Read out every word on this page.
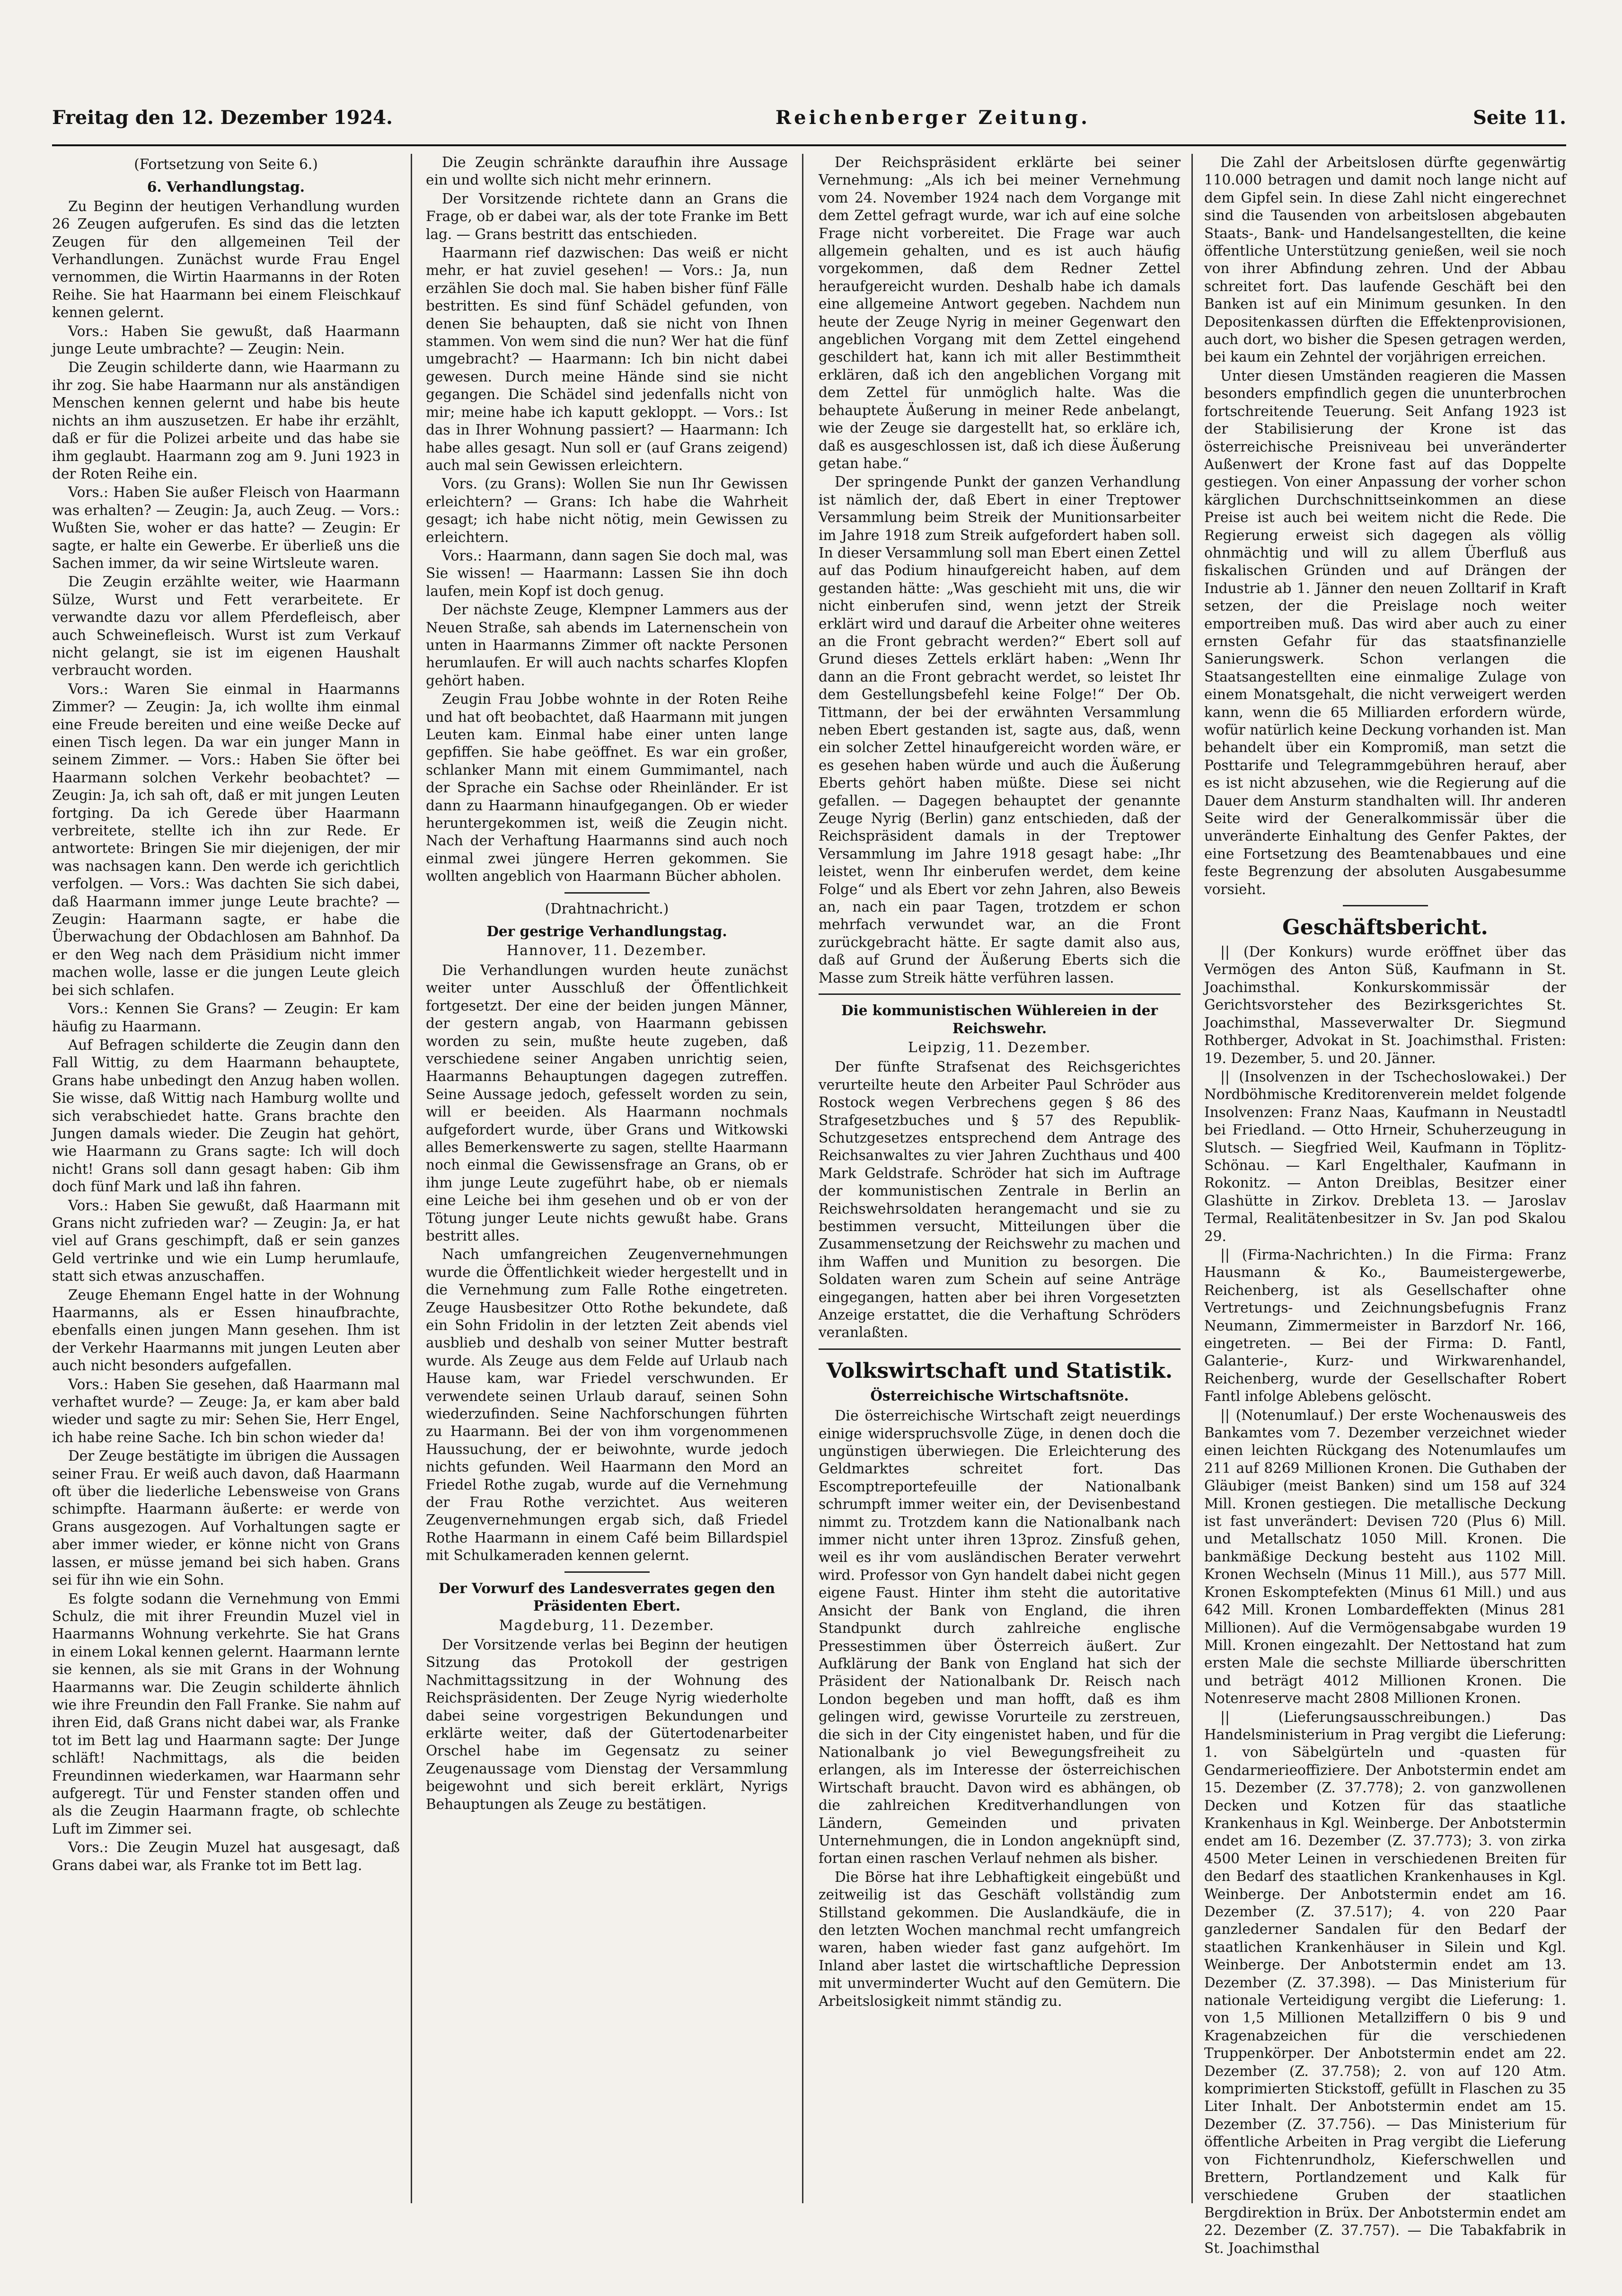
Freitag den 12. Dezember 1924.	Reichenberger Zeitung.	Seite 11.

(Fortsetzung von Seite 6.)

6. Verhandlungstag.

Zu Beginn der heutigen Verhandlung wurden 26 Zeugen aufgerufen. Es sind das die letzten Zeugen für den allgemeinen Teil der Verhandlungen. Zunächst wurde Frau Engel vernommen, die Wirtin Haarmanns in der Roten Reihe. Sie hat Haarmann bei einem Fleischkauf kennen gelernt.

Vors.: Haben Sie gewußt, daß Haarmann junge Leute umbrachte? — Zeugin: Nein.

Die Zeugin schilderte dann, wie Haarmann zu ihr zog. Sie habe Haarmann nur als anständigen Menschen kennen gelernt und habe bis heute nichts an ihm auszusetzen. Er habe ihr erzählt, daß er für die Polizei arbeite und das habe sie ihm geglaubt. Haarmann zog am 9. Juni 1923 in der Roten Reihe ein.

Vors.: Haben Sie außer Fleisch von Haarmann was erhalten? — Zeugin: Ja, auch Zeug. — Vors.: Wußten Sie, woher er das hatte? — Zeugin: Er sagte, er halte ein Gewerbe. Er überließ uns die Sachen immer, da wir seine Wirtsleute waren.

Die Zeugin erzählte weiter, wie Haarmann Sülze, Wurst und Fett verarbeitete. Er verwandte dazu vor allem Pferdefleisch, aber auch Schweinefleisch. Wurst ist zum Verkauf nicht gelangt, sie ist im eigenen Haushalt verbraucht worden.

Vors.: Waren Sie einmal in Haarmanns Zimmer? — Zeugin: Ja, ich wollte ihm einmal eine Freude bereiten und eine weiße Decke auf einen Tisch legen. Da war ein junger Mann in seinem Zimmer. — Vors.: Haben Sie öfter bei Haarmann solchen Verkehr beobachtet? — Zeugin: Ja, ich sah oft, daß er mit jungen Leuten fortging. Da ich Gerede über Haarmann verbreitete, stellte ich ihn zur Rede. Er antwortete: Bringen Sie mir diejenigen, der mir was nachsagen kann. Den werde ich gerichtlich verfolgen. — Vors.: Was dachten Sie sich dabei, daß Haarmann immer junge Leute brachte? — Zeugin: Haarmann sagte, er habe die Überwachung der Obdachlosen am Bahnhof. Da er den Weg nach dem Präsidium nicht immer machen wolle, lasse er die jungen Leute gleich bei sich schlafen.

Vors.: Kennen Sie Grans? — Zeugin: Er kam häufig zu Haarmann.

Auf Befragen schilderte die Zeugin dann den Fall Wittig, zu dem Haarmann behauptete, Grans habe unbedingt den Anzug haben wollen. Sie wisse, daß Wittig nach Hamburg wollte und sich verabschiedet hatte. Grans brachte den Jungen damals wieder. Die Zeugin hat gehört, wie Haarmann zu Grans sagte: Ich will doch nicht! Grans soll dann gesagt haben: Gib ihm doch fünf Mark und laß ihn fahren.

Vors.: Haben Sie gewußt, daß Haarmann mit Grans nicht zufrieden war? — Zeugin: Ja, er hat viel auf Grans geschimpft, daß er sein ganzes Geld vertrinke und wie ein Lump herumlaufe, statt sich etwas anzuschaffen.

Zeuge Ehemann Engel hatte in der Wohnung Haarmanns, als er Essen hinaufbrachte, ebenfalls einen jungen Mann gesehen. Ihm ist der Verkehr Haarmanns mit jungen Leuten aber auch nicht besonders aufgefallen.

Vors.: Haben Sie gesehen, daß Haarmann mal verhaftet wurde? — Zeuge: Ja, er kam aber bald wieder und sagte zu mir: Sehen Sie, Herr Engel, ich habe reine Sache. Ich bin schon wieder da!

Der Zeuge bestätigte im übrigen die Aussagen seiner Frau. Er weiß auch davon, daß Haarmann oft über die liederliche Lebensweise von Grans schimpfte. Haarmann äußerte: er werde von Grans ausgezogen. Auf Vorhaltungen sagte er aber immer wieder, er könne nicht von Grans lassen, er müsse jemand bei sich haben. Grans sei für ihn wie ein Sohn.

Es folgte sodann die Vernehmung von Emmi Schulz, die mit ihrer Freundin Muzel viel in Haarmanns Wohnung verkehrte. Sie hat Grans in einem Lokal kennen gelernt. Haarmann lernte sie kennen, als sie mit Grans in der Wohnung Haarmanns war. Die Zeugin schilderte ähnlich wie ihre Freundin den Fall Franke. Sie nahm auf ihren Eid, daß Grans nicht dabei war, als Franke tot im Bett lag und Haarmann sagte: Der Junge schläft! Nachmittags, als die beiden Freundinnen wiederkamen, war Haarmann sehr aufgeregt. Tür und Fenster standen offen und als die Zeugin Haarmann fragte, ob schlechte Luft im Zimmer sei.

Vors.: Die Zeugin Muzel hat ausgesagt, daß Grans dabei war, als Franke tot im Bett lag.

Die Zeugin schränkte daraufhin ihre Aussage ein und wollte sich nicht mehr erinnern.

Der Vorsitzende richtete dann an Grans die Frage, ob er dabei war, als der tote Franke im Bett lag. — Grans bestritt das entschieden.

Haarmann rief dazwischen: Das weiß er nicht mehr, er hat zuviel gesehen! — Vors.: Ja, nun erzählen Sie doch mal. Sie haben bisher fünf Fälle bestritten. Es sind fünf Schädel gefunden, von denen Sie behaupten, daß sie nicht von Ihnen stammen. Von wem sind die nun? Wer hat die fünf umgebracht? — Haarmann: Ich bin nicht dabei gewesen. Durch meine Hände sind sie nicht gegangen. Die Schädel sind jedenfalls nicht von mir; meine habe ich kaputt gekloppt. — Vors.: Ist das in Ihrer Wohnung passiert? — Haarmann: Ich habe alles gesagt. Nun soll er (auf Grans zeigend) auch mal sein Gewissen erleichtern.

Vors. (zu Grans): Wollen Sie nun Ihr Gewissen erleichtern? — Grans: Ich habe die Wahrheit gesagt; ich habe nicht nötig, mein Gewissen zu erleichtern.

Vors.: Haarmann, dann sagen Sie doch mal, was Sie wissen! — Haarmann: Lassen Sie ihn doch laufen, mein Kopf ist doch genug.

Der nächste Zeuge, Klempner Lammers aus der Neuen Straße, sah abends im Laternenschein von unten in Haarmanns Zimmer oft nackte Personen herumlaufen. Er will auch nachts scharfes Klopfen gehört haben.

Zeugin Frau Jobbe wohnte in der Roten Reihe und hat oft beobachtet, daß Haarmann mit jungen Leuten kam. Einmal habe einer unten lange gepfiffen. Sie habe geöffnet. Es war ein großer, schlanker Mann mit einem Gummimantel, nach der Sprache ein Sachse oder Rheinländer. Er ist dann zu Haarmann hinaufgegangen. Ob er wieder heruntergekommen ist, weiß die Zeugin nicht. Nach der Verhaftung Haarmanns sind auch noch einmal zwei jüngere Herren gekommen. Sie wollten angeblich von Haarmann Bücher abholen.

(Drahtnachricht.)

Der gestrige Verhandlungstag.

Hannover, 11. Dezember.

Die Verhandlungen wurden heute zunächst weiter unter Ausschluß der Öffentlichkeit fortgesetzt. Der eine der beiden jungen Männer, der gestern angab, von Haarmann gebissen worden zu sein, mußte heute zugeben, daß verschiedene seiner Angaben unrichtig seien, Haarmanns Behauptungen dagegen zutreffen. Seine Aussage jedoch, gefesselt worden zu sein, will er beeiden. Als Haarmann nochmals aufgefordert wurde, über Grans und Witkowski alles Bemerkenswerte zu sagen, stellte Haarmann noch einmal die Gewissensfrage an Grans, ob er ihm junge Leute zugeführt habe, ob er niemals eine Leiche bei ihm gesehen und ob er von der Tötung junger Leute nichts gewußt habe. Grans bestritt alles.

Nach umfangreichen Zeugenvernehmungen wurde die Öffentlichkeit wieder hergestellt und in die Vernehmung zum Falle Rothe eingetreten. Zeuge Hausbesitzer Otto Rothe bekundete, daß ein Sohn Fridolin in der letzten Zeit abends viel ausblieb und deshalb von seiner Mutter bestraft wurde. Als Zeuge aus dem Felde auf Urlaub nach Hause kam, war Friedel verschwunden. Er verwendete seinen Urlaub darauf, seinen Sohn wiederzufinden. Seine Nachforschungen führten zu Haarmann. Bei der von ihm vorgenommenen Haussuchung, der er beiwohnte, wurde jedoch nichts gefunden. Weil Haarmann den Mord an Friedel Rothe zugab, wurde auf die Vernehmung der Frau Rothe verzichtet. Aus weiteren Zeugenvernehmungen ergab sich, daß Friedel Rothe Haarmann in einem Café beim Billardspiel mit Schulkameraden kennen gelernt.

Der Vorwurf des Landesverrates gegen den Präsidenten Ebert.

Magdeburg, 11. Dezember.

Der Vorsitzende verlas bei Beginn der heutigen Sitzung das Protokoll der gestrigen Nachmittagssitzung in der Wohnung des Reichspräsidenten. Der Zeuge Nyrig wiederholte dabei seine vorgestrigen Bekundungen und erklärte weiter, daß der Gütertodenarbeiter Orschel habe im Gegensatz zu seiner Zeugenaussage vom Dienstag der Versammlung beigewohnt und sich bereit erklärt, Nyrigs Behauptungen als Zeuge zu bestätigen.

Der Reichspräsident erklärte bei seiner Vernehmung: „Als ich bei meiner Vernehmung vom 24. November 1924 nach dem Vorgange mit dem Zettel gefragt wurde, war ich auf eine solche Frage nicht vorbereitet. Die Frage war auch allgemein gehalten, und es ist auch häufig vorgekommen, daß dem Redner Zettel heraufgereicht wurden. Deshalb habe ich damals eine allgemeine Antwort gegeben. Nachdem nun heute der Zeuge Nyrig in meiner Gegenwart den angeblichen Vorgang mit dem Zettel eingehend geschildert hat, kann ich mit aller Bestimmtheit erklären, daß ich den angeblichen Vorgang mit dem Zettel für unmöglich halte. Was die behauptete Äußerung in meiner Rede anbelangt, wie der Zeuge sie dargestellt hat, so erkläre ich, daß es ausgeschlossen ist, daß ich diese Äußerung getan habe.“

Der springende Punkt der ganzen Verhandlung ist nämlich der, daß Ebert in einer Treptower Versammlung beim Streik der Munitionsarbeiter im Jahre 1918 zum Streik aufgefordert haben soll. In dieser Versammlung soll man Ebert einen Zettel auf das Podium hinaufgereicht haben, auf dem gestanden hätte: „Was geschieht mit uns, die wir nicht einberufen sind, wenn jetzt der Streik erklärt wird und darauf die Arbeiter ohne weiteres an die Front gebracht werden?“ Ebert soll auf Grund dieses Zettels erklärt haben: „Wenn Ihr dann an die Front gebracht werdet, so leistet Ihr dem Gestellungsbefehl keine Folge!“ Der Ob. Tittmann, der bei der erwähnten Versammlung neben Ebert gestanden ist, sagte aus, daß, wenn ein solcher Zettel hinaufgereicht worden wäre, er es gesehen haben würde und auch die Äußerung Eberts gehört haben müßte. Diese sei nicht gefallen. — Dagegen behauptet der genannte Zeuge Nyrig (Berlin) ganz entschieden, daß der Reichspräsident damals in der Treptower Versammlung im Jahre 1918 gesagt habe: „Ihr leistet, wenn Ihr einberufen werdet, dem keine Folge“ und als Ebert vor zehn Jahren, also Beweis an, nach ein paar Tagen, trotzdem er schon mehrfach verwundet war, an die Front zurückgebracht hätte. Er sagte damit also aus, daß auf Grund der Äußerung Eberts sich die Masse zum Streik hätte verführen lassen.

Die kommunistischen Wühlereien in der Reichswehr.

Leipzig, 11. Dezember.

Der fünfte Strafsenat des Reichsgerichtes verurteilte heute den Arbeiter Paul Schröder aus Rostock wegen Verbrechens gegen § 86 des Strafgesetzbuches und § 57 des Republik-Schutzgesetzes entsprechend dem Antrage des Reichsanwaltes zu vier Jahren Zuchthaus und 400 Mark Geldstrafe. Schröder hat sich im Auftrage der kommunistischen Zentrale in Berlin an Reichswehrsoldaten herangemacht und sie zu bestimmen versucht, Mitteilungen über die Zusammensetzung der Reichswehr zu machen und ihm Waffen und Munition zu besorgen. Die Soldaten waren zum Schein auf seine Anträge eingegangen, hatten aber bei ihren Vorgesetzten Anzeige erstattet, die die Verhaftung Schröders veranlaßten.

Volkswirtschaft und Statistik.

Österreichische Wirtschaftsnöte.

Die österreichische Wirtschaft zeigt neuerdings einige widerspruchsvolle Züge, in denen doch die ungünstigen überwiegen. Die Erleichterung des Geldmarktes schreitet fort. Das Escomptreportefeuille der Nationalbank schrumpft immer weiter ein, der Devisenbestand nimmt zu. Trotzdem kann die Nationalbank nach immer nicht unter ihren 13proz. Zinsfuß gehen, weil es ihr vom ausländischen Berater verwehrt wird. Professor von Gyn handelt dabei nicht gegen eigene Faust. Hinter ihm steht die autoritative Ansicht der Bank von England, die ihren Standpunkt durch zahlreiche englische Pressestimmen über Österreich äußert. Zur Aufklärung der Bank von England hat sich der Präsident der Nationalbank Dr. Reisch nach London begeben und man hofft, daß es ihm gelingen wird, gewisse Vorurteile zu zerstreuen, die sich in der City eingenistet haben, und für die Nationalbank jo viel Bewegungsfreiheit zu erlangen, als im Interesse der österreichischen Wirtschaft braucht. Davon wird es abhängen, ob die zahlreichen Kreditverhandlungen von Ländern, Gemeinden und privaten Unternehmungen, die in London angeknüpft sind, fortan einen raschen Verlauf nehmen als bisher.

Die Börse hat ihre Lebhaftigkeit eingebüßt und zeitweilig ist das Geschäft vollständig zum Stillstand gekommen. Die Auslandkäufe, die in den letzten Wochen manchmal recht umfangreich waren, haben wieder fast ganz aufgehört. Im Inland aber lastet die wirtschaftliche Depression mit unverminderter Wucht auf den Gemütern. Die Arbeitslosigkeit nimmt ständig zu.

Die Zahl der Arbeitslosen dürfte gegenwärtig 110.000 betragen und damit noch lange nicht auf dem Gipfel sein. In diese Zahl nicht eingerechnet sind die Tausenden von arbeitslosen abgebauten Staats-, Bank- und Handelsangestellten, die keine öffentliche Unterstützung genießen, weil sie noch von ihrer Abfindung zehren. Und der Abbau schreitet fort. Das laufende Geschäft bei den Banken ist auf ein Minimum gesunken. In den Depositenkassen dürften die Effektenprovisionen, auch dort, wo bisher die Spesen getragen werden, bei kaum ein Zehntel der vorjährigen erreichen.

Unter diesen Umständen reagieren die Massen besonders empfindlich gegen die ununterbrochen fortschreitende Teuerung. Seit Anfang 1923 ist der Stabilisierung der Krone ist das österreichische Preisniveau bei unveränderter Außenwert der Krone fast auf das Doppelte gestiegen. Von einer Anpassung der vorher schon kärglichen Durchschnittseinkommen an diese Preise ist auch bei weitem nicht die Rede. Die Regierung erweist sich dagegen als völlig ohnmächtig und will zu allem Überfluß aus fiskalischen Gründen und auf Drängen der Industrie ab 1. Jänner den neuen Zolltarif in Kraft setzen, der die Preislage noch weiter emportreiben muß. Das wird aber auch zu einer ernsten Gefahr für das staatsfinanzielle Sanierungswerk. Schon verlangen die Staatsangestellten eine einmalige Zulage von einem Monatsgehalt, die nicht verweigert werden kann, wenn die 65 Milliarden erfordern würde, wofür natürlich keine Deckung vorhanden ist. Man behandelt über ein Kompromiß, man setzt die Posttarife und Telegrammgebühren herauf, aber es ist nicht abzusehen, wie die Regierung auf die Dauer dem Ansturm standhalten will. Ihr anderen Seite wird der Generalkommissär über die unveränderte Einhaltung des Genfer Paktes, der eine Fortsetzung des Beamtenabbaues und eine feste Begrenzung der absoluten Ausgabesumme vorsieht.

Geschäftsbericht.

|| (Der Konkurs) wurde eröffnet über das Vermögen des Anton Süß, Kaufmann in St. Joachimsthal. Konkurskommissär der Gerichtsvorsteher des Bezirksgerichtes St. Joachimsthal, Masseverwalter Dr. Siegmund Rothberger, Advokat in St. Joachimsthal. Fristen: 19. Dezember, 5. und 20. Jänner.

|| (Insolvenzen in der Tschechoslowakei.) Der Nordböhmische Kreditorenverein meldet folgende Insolvenzen: Franz Naas, Kaufmann in Neustadtl bei Friedland. — Otto Hrneir, Schuherzeugung in Slutsch. — Siegfried Weil, Kaufmann in Töplitz-Schönau. — Karl Engelthaler, Kaufmann in Rokonitz. — Anton Dreiblas, Besitzer einer Glashütte in Zirkov. Drebleta 13. — Jaroslav Termal, Realitätenbesitzer in Sv. Jan pod Skalou 29.

|| (Firma-Nachrichten.) In die Firma: Franz Hausmann & Ko., Baumeistergewerbe, Reichenberg, ist als Gesellschafter ohne Vertretungs- und Zeichnungsbefugnis Franz Neumann, Zimmermeister in Barzdorf Nr. 166, eingetreten. — Bei der Firma: D. Fantl, Galanterie-, Kurz- und Wirkwarenhandel, Reichenberg, wurde der Gesellschafter Robert Fantl infolge Ablebens gelöscht.

|| (Notenumlauf.) Der erste Wochenausweis des Bankamtes vom 7. Dezember verzeichnet wieder einen leichten Rückgang des Notenumlaufes um 211 auf 8269 Millionen Kronen. Die Guthaben der Gläubiger (meist Banken) sind um 158 auf 324 Mill. Kronen gestiegen. Die metallische Deckung ist fast unverändert: Devisen 720 (Plus 6) Mill. und Metallschatz 1050 Mill. Kronen. Die bankmäßige Deckung besteht aus 1102 Mill. Kronen Wechseln (Minus 11 Mill.), aus 577 Mill. Kronen Eskomptefekten (Minus 61 Mill.) und aus 642 Mill. Kronen Lombardeffekten (Minus 281 Millionen). Auf die Vermögensabgabe wurden 19 Mill. Kronen eingezahlt. Der Nettostand hat zum ersten Male die sechste Milliarde überschritten und beträgt 4012 Millionen Kronen. Die Notenreserve macht 2808 Millionen Kronen.

|| (Lieferungsausschreibungen.) Das Handelsministerium in Prag vergibt die Lieferung: 1. von Säbelgürteln und -quasten für Gendarmerieoffiziere. Der Anbotstermin endet am 15. Dezember (Z. 37.778); 2. von ganzwollenen Decken und Kotzen für das staatliche Krankenhaus in Kgl. Weinberge. Der Anbotstermin endet am 16. Dezember (Z. 37.773); 3. von zirka 4500 Meter Leinen in verschiedenen Breiten für den Bedarf des staatlichen Krankenhauses in Kgl. Weinberge. Der Anbotstermin endet am 16. Dezember (Z. 37.517); 4. von 220 Paar ganzlederner Sandalen für den Bedarf der staatlichen Krankenhäuser in Silein und Kgl. Weinberge. Der Anbotstermin endet am 13. Dezember (Z. 37.398). — Das Ministerium für nationale Verteidigung vergibt die Lieferung: 1. von 1,5 Millionen Metallziffern 0 bis 9 und Kragenabzeichen für die verschiedenen Truppenkörper. Der Anbotstermin endet am 22. Dezember (Z. 37.758); 2. von auf 120 Atm. komprimierten Stickstoff, gefüllt in Flaschen zu 35 Liter Inhalt. Der Anbotstermin endet am 15. Dezember (Z. 37.756). — Das Ministerium für öffentliche Arbeiten in Prag vergibt die Lieferung von Fichtenrundholz, Kieferschwellen und Brettern, Portlandzement und Kalk für verschiedene Gruben der staatlichen Bergdirektion in Brüx. Der Anbotstermin endet am 22. Dezember (Z. 37.757). — Die Tabakfabrik in St. Joachimsthal
